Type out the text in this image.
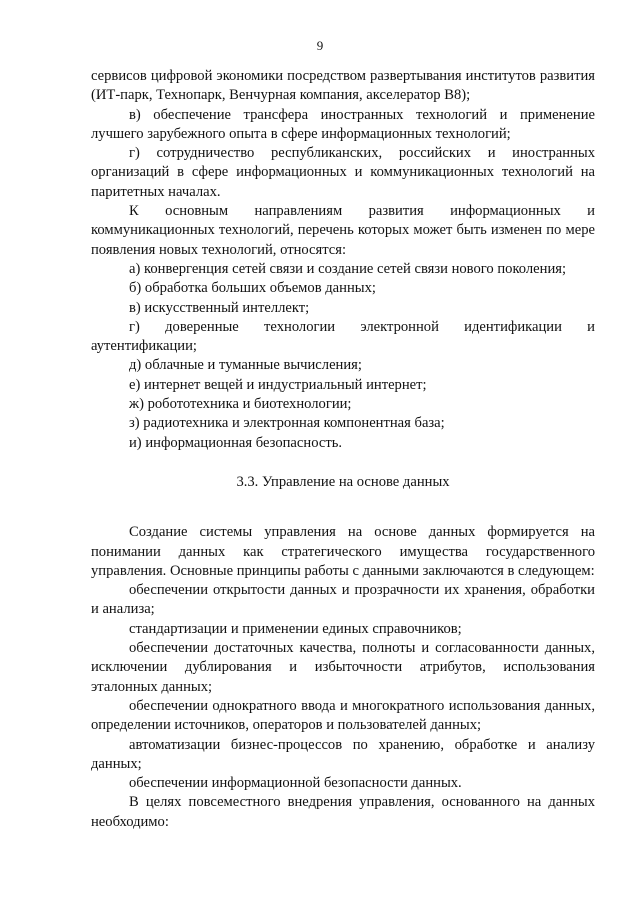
9

сервисов цифровой экономики посредством развертывания институтов развития (ИТ-парк, Технопарк, Венчурная компания, акселератор B8);

в) обеспечение трансфера иностранных технологий и применение лучшего зарубежного опыта в сфере информационных технологий;

г) сотрудничество республиканских, российских и иностранных организаций в сфере информационных и коммуникационных технологий на паритетных началах.

К основным направлениям развития информационных и коммуникационных технологий, перечень которых может быть изменен по мере появления новых технологий, относятся:

а) конвергенция сетей связи и создание сетей связи нового поколения;

б) обработка больших объемов данных;

в) искусственный интеллект;

г) доверенные технологии электронной идентификации и аутентификации;

д) облачные и туманные вычисления;

е) интернет вещей и индустриальный интернет;

ж) робототехника и биотехнологии;

з) радиотехника и электронная компонентная база;

и) информационная безопасность.

3.3. Управление на основе данных

Создание системы управления на основе данных формируется на понимании данных как стратегического имущества государственного управления. Основные принципы работы с данными заключаются в следующем:

обеспечении открытости данных и прозрачности их хранения, обработки и анализа;

стандартизации и применении единых справочников;

обеспечении достаточных качества, полноты и согласованности данных, исключении дублирования и избыточности атрибутов, использования эталонных данных;

обеспечении однократного ввода и многократного использования данных, определении источников, операторов и пользователей данных;

автоматизации бизнес-процессов по хранению, обработке и анализу данных;

обеспечении информационной безопасности данных.

В целях повсеместного внедрения управления, основанного на данных необходимо:
